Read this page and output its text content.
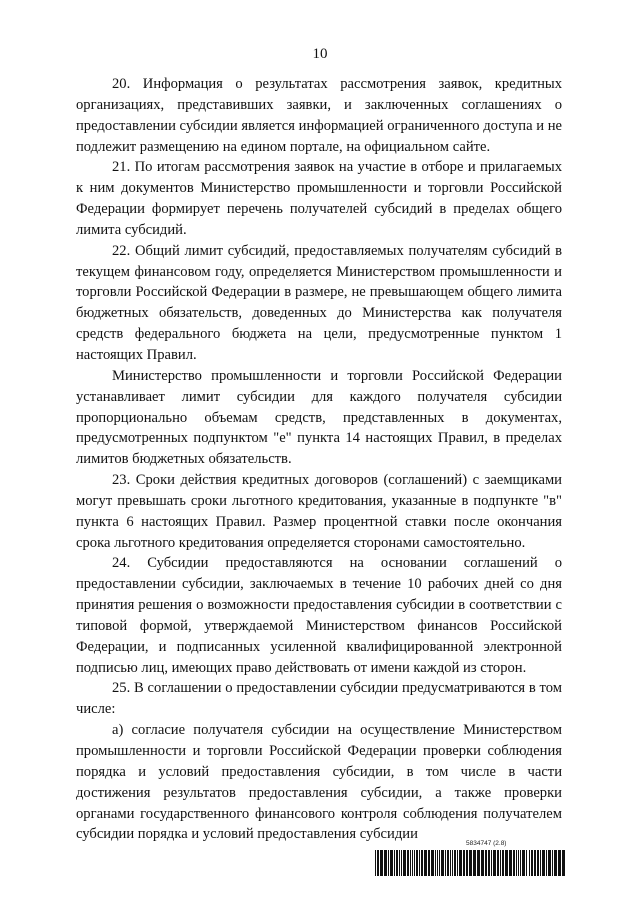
10

20. Информация о результатах рассмотрения заявок, кредитных организациях, представивших заявки, и заключенных соглашениях о предоставлении субсидии является информацией ограниченного доступа и не подлежит размещению на едином портале, на официальном сайте.

21. По итогам рассмотрения заявок на участие в отборе и прилагаемых к ним документов Министерство промышленности и торговли Российской Федерации формирует перечень получателей субсидий в пределах общего лимита субсидий.

22. Общий лимит субсидий, предоставляемых получателям субсидий в текущем финансовом году, определяется Министерством промышленности и торговли Российской Федерации в размере, не превышающем общего лимита бюджетных обязательств, доведенных до Министерства как получателя средств федерального бюджета на цели, предусмотренные пунктом 1 настоящих Правил.

Министерство промышленности и торговли Российской Федерации устанавливает лимит субсидии для каждого получателя субсидии пропорционально объемам средств, представленных в документах, предусмотренных подпунктом "е" пункта 14 настоящих Правил, в пределах лимитов бюджетных обязательств.

23. Сроки действия кредитных договоров (соглашений) с заемщиками могут превышать сроки льготного кредитования, указанные в подпункте "в" пункта 6 настоящих Правил. Размер процентной ставки после окончания срока льготного кредитования определяется сторонами самостоятельно.

24. Субсидии предоставляются на основании соглашений о предоставлении субсидии, заключаемых в течение 10 рабочих дней со дня принятия решения о возможности предоставления субсидии в соответствии с типовой формой, утверждаемой Министерством финансов Российской Федерации, и подписанных усиленной квалифицированной электронной подписью лиц, имеющих право действовать от имени каждой из сторон.

25. В соглашении о предоставлении субсидии предусматриваются в том числе:

а) согласие получателя субсидии на осуществление Министерством промышленности и торговли Российской Федерации проверки соблюдения порядка и условий предоставления субсидии, в том числе в части достижения результатов предоставления субсидии, а также проверки органами государственного финансового контроля соблюдения получателем субсидии порядка и условий предоставления субсидии

5834747 (2.8)
